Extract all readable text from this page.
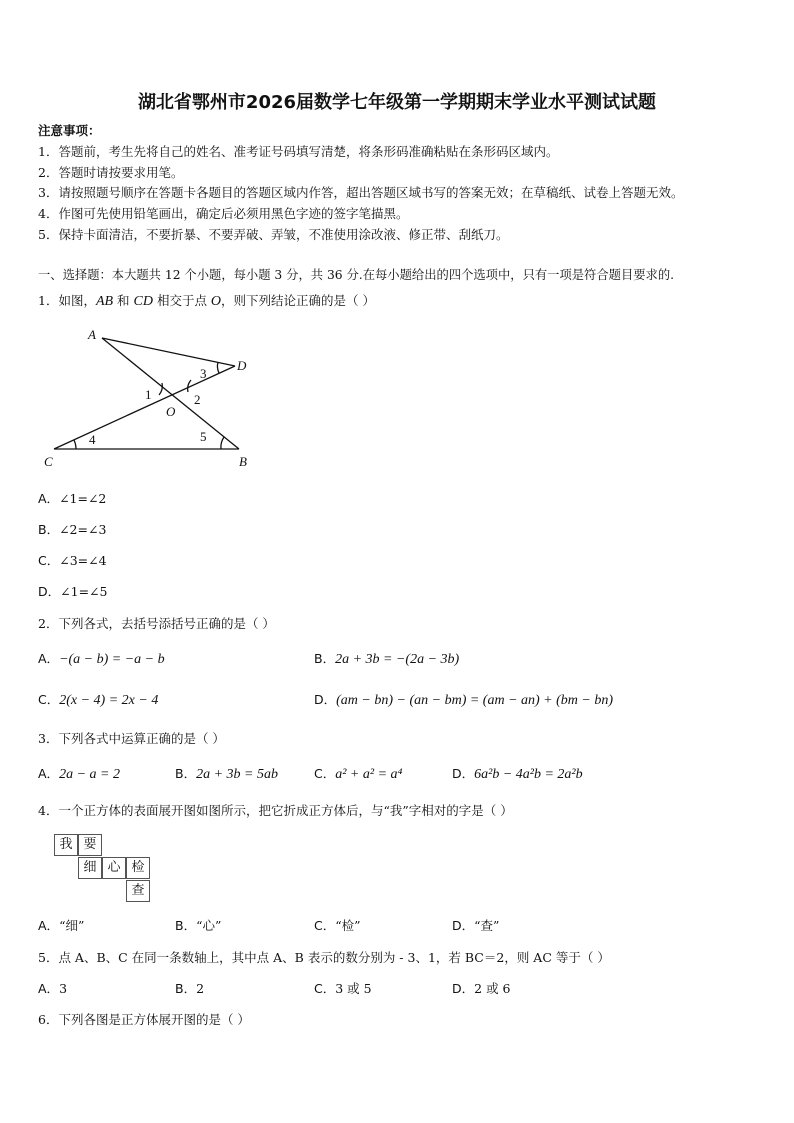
湖北省鄂州市2026届数学七年级第一学期期末学业水平测试试题
注意事项：
1．答题前，考生先将自己的姓名、准考证号码填写清楚，将条形码准确粘贴在条形码区域内。
2．答题时请按要求用笔。
3．请按照题号顺序在答题卡各题目的答题区域内作答，超出答题区域书写的答案无效；在草稿纸、试卷上答题无效。
4．作图可先使用铅笔画出，确定后必须用黑色字迹的签字笔描黑。
5．保持卡面清洁，不要折暴、不要弄破、弄皱，不准使用涂改液、修正带、刮纸刀。
一、选择题：本大题共 12 个小题，每小题 3 分，共 36 分.在每小题给出的四个选项中，只有一项是符合题目要求的.
1．如图，AB 和 CD 相交于点 O，则下列结论正确的是（ ）
A
D
O
C	B
1	2
3
4	5
A．∠1=∠2
B．∠2=∠3
C．∠3=∠4
D．∠1=∠5
2．下列各式，去括号添括号正确的是（ ）
A．−(a − b) = −a − b	B．2a + 3b = −(2a − 3b)
C．2(x − 4) = 2x − 4	D．(am − bn) − (an − bm) = (am − an) + (bm − bn)
3．下列各式中运算正确的是（ ）
A．2a − a = 2	B．2a + 3b = 5ab	C．a² + a² = a⁴	D．6a²b − 4a²b = 2a²b
4．一个正方体的表面展开图如图所示，把它折成正方体后，与“我”字相对的字是（ ）
我 要
细 心 检
查
A．“细”	B．“心”	C．“检”	D．“查”
5．点 A、B、C 在同一条数轴上，其中点 A、B 表示的数分别为 - 3、1，若 BC＝2，则 AC 等于（ ）
A．3	B．2	C．3 或 5	D．2 或 6
6．下列各图是正方体展开图的是（ ）
